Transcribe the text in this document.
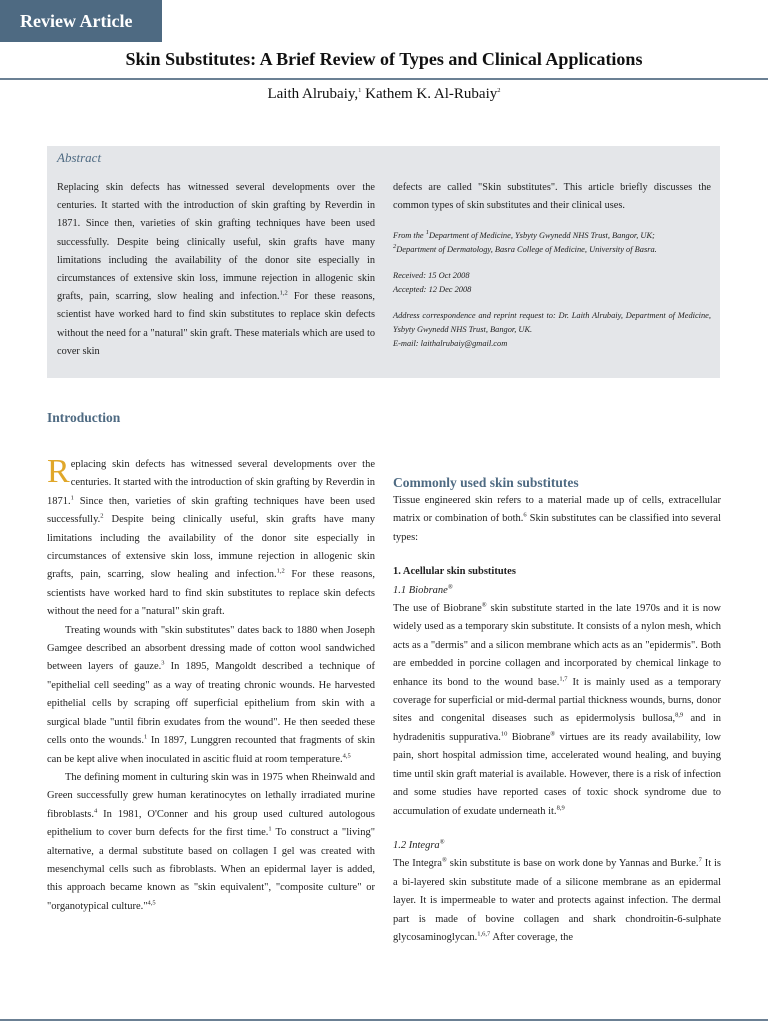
Review Article
Skin Substitutes: A Brief Review of Types and Clinical Applications
Laith Alrubaiy,$^1$ Kathem K. Al-Rubaiy$^2$
Abstract

Replacing skin defects has witnessed several developments over the centuries. It started with the introduction of skin grafting by Reverdin in 1871. Since then, varieties of skin grafting techniques have been used successfully. Despite being clinically useful, skin grafts have many limitations including the availability of the donor site especially in circumstances of extensive skin loss, immune rejection in allogenic skin grafts, pain, scarring, slow healing and infection.$^{1,2}$ For these reasons, scientist have worked hard to find skin substitutes to replace skin defects without the need for a "natural" skin graft. These materials which are used to cover skin

defects are called "Skin substitutes". This article briefly discusses the common types of skin substitutes and their clinical uses.

From the $^1$Department of Medicine, Ysbyty Gwynedd NHS Trust, Bangor, UK;
$^2$Department of Dermatology, Basra College of Medicine, University of Basra.

Received: 15 Oct 2008
Accepted: 12 Dec 2008

Address correspondence and reprint request to: Dr. Laith Alrubaiy, Department of Medicine, Ysbyty Gwynedd NHS Trust, Bangor, UK.
E-mail: laithalrubaiy@gmail.com

Introduction

Replacing skin defects has witnessed several developments over the centuries. It started with the introduction of skin grafting by Reverdin in 1871.$^1$ Since then, varieties of skin grafting techniques have been used successfully.$^2$ Despite being clinically useful, skin grafts have many limitations including the availability of the donor site especially in circumstances of extensive skin loss, immune rejection in allogenic skin grafts, pain, scarring, slow healing and infection.$^{1,2}$ For these reasons, scientists have worked hard to find skin substitutes to replace skin defects without the need for a "natural" skin graft.

Treating wounds with "skin substitutes" dates back to 1880 when Joseph Gamgee described an absorbent dressing made of cotton wool sandwiched between layers of gauze.$^3$ In 1895, Mangoldt described a technique of "epithelial cell seeding" as a way of treating chronic wounds. He harvested epithelial cells by scraping off superficial epithelium from skin with a surgical blade "until fibrin exudates from the wound". He then seeded these cells onto the wounds.$^1$ In 1897, Lunggren recounted that fragments of skin can be kept alive when inoculated in ascitic fluid at room temperature.$^{4,5}$

The defining moment in culturing skin was in 1975 when Rheinwald and Green successfully grew human keratinocytes on lethally irradiated murine fibroblasts.$^4$ In 1981, O'Conner and his group used cultured autologous epithelium to cover burn defects for the first time.$^1$ To construct a "living" alternative, a dermal substitute based on collagen I gel was created with mesenchymal cells such as fibroblasts. When an epidermal layer is added, this approach became known as "skin equivalent", "composite culture" or "organotypical culture."$^{4,5}$

Commonly used skin substitutes

Tissue engineered skin refers to a material made up of cells, extracellular matrix or combination of both.$^6$ Skin substitutes can be classified into several types:

1. Acellular skin substitutes

1.1 Biobrane®

The use of Biobrane® skin substitute started in the late 1970s and it is now widely used as a temporary skin substitute. It consists of a nylon mesh, which acts as a "dermis" and a silicon membrane which acts as an "epidermis". Both are embedded in porcine collagen and incorporated by chemical linkage to enhance its bond to the wound base.$^{1,7}$ It is mainly used as a temporary coverage for superficial or mid-dermal partial thickness wounds, burns, donor sites and congenital diseases such as epidermolysis bullosa,$^{8,9}$ and in hydradenitis suppurativa.$^{10}$ Biobrane® virtues are its ready availability, low pain, short hospital admission time, accelerated wound healing, and buying time until skin graft material is available. However, there is a risk of infection and some studies have reported cases of toxic shock syndrome due to accumulation of exudate underneath it.$^{8,9}$

1.2 Integra®

The Integra® skin substitute is base on work done by Yannas and Burke.$^7$ It is a bi-layered skin substitute made of a silicone membrane as an epidermal layer. It is impermeable to water and protects against infection. The dermal part is made of bovine collagen and shark chondroitin-6-sulphate glycosaminoglycan.$^{1,6,7}$ After coverage, the
